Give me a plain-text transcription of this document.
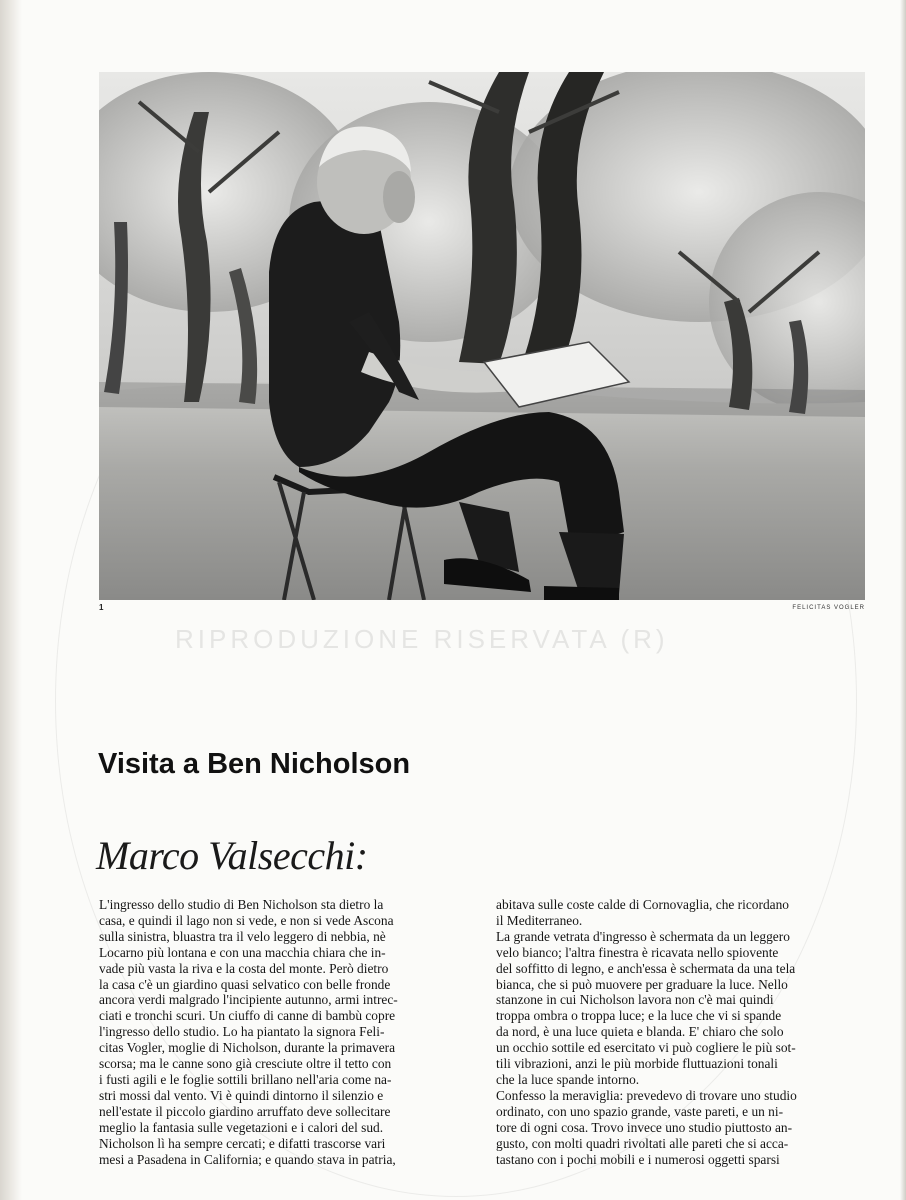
1	FELICITAS VOGLER
RIPRODUZIONE RISERVATA (R)
Visita a Ben Nicholson
Marco Valsecchi:
L'ingresso dello studio di Ben Nicholson sta dietro la
casa, e quindi il lago non si vede, e non si vede Ascona
sulla sinistra, bluastra tra il velo leggero di nebbia, nè
Locarno più lontana e con una macchia chiara che in-
vade più vasta la riva e la costa del monte. Però dietro
la casa c'è un giardino quasi selvatico con belle fronde
ancora verdi malgrado l'incipiente autunno, armi intrec-
ciati e tronchi scuri. Un ciuffo di canne di bambù copre
l'ingresso dello studio. Lo ha piantato la signora Feli-
citas Vogler, moglie di Nicholson, durante la primavera
scorsa; ma le canne sono già cresciute oltre il tetto con
i fusti agili e le foglie sottili brillano nell'aria come na-
stri mossi dal vento. Vi è quindi dintorno il silenzio e
nell'estate il piccolo giardino arruffato deve sollecitare
meglio la fantasia sulle vegetazioni e i calori del sud.
Nicholson lì ha sempre cercati; e difatti trascorse vari
mesi a Pasadena in California; e quando stava in patria,
abitava sulle coste calde di Cornovaglia, che ricordano
il Mediterraneo.
La grande vetrata d'ingresso è schermata da un leggero
velo bianco; l'altra finestra è ricavata nello spiovente
del soffitto di legno, e anch'essa è schermata da una tela
bianca, che si può muovere per graduare la luce. Nello
stanzone in cui Nicholson lavora non c'è mai quindi
troppa ombra o troppa luce; e la luce che vi si spande
da nord, è una luce quieta e blanda. E' chiaro che solo
un occhio sottile ed esercitato vi può cogliere le più sot-
tili vibrazioni, anzi le più morbide fluttuazioni tonali
che la luce spande intorno.
Confesso la meraviglia: prevedevo di trovare uno studio
ordinato, con uno spazio grande, vaste pareti, e un ni-
tore di ogni cosa. Trovo invece uno studio piuttosto an-
gusto, con molti quadri rivoltati alle pareti che si acca-
tastano con i pochi mobili e i numerosi oggetti sparsi
